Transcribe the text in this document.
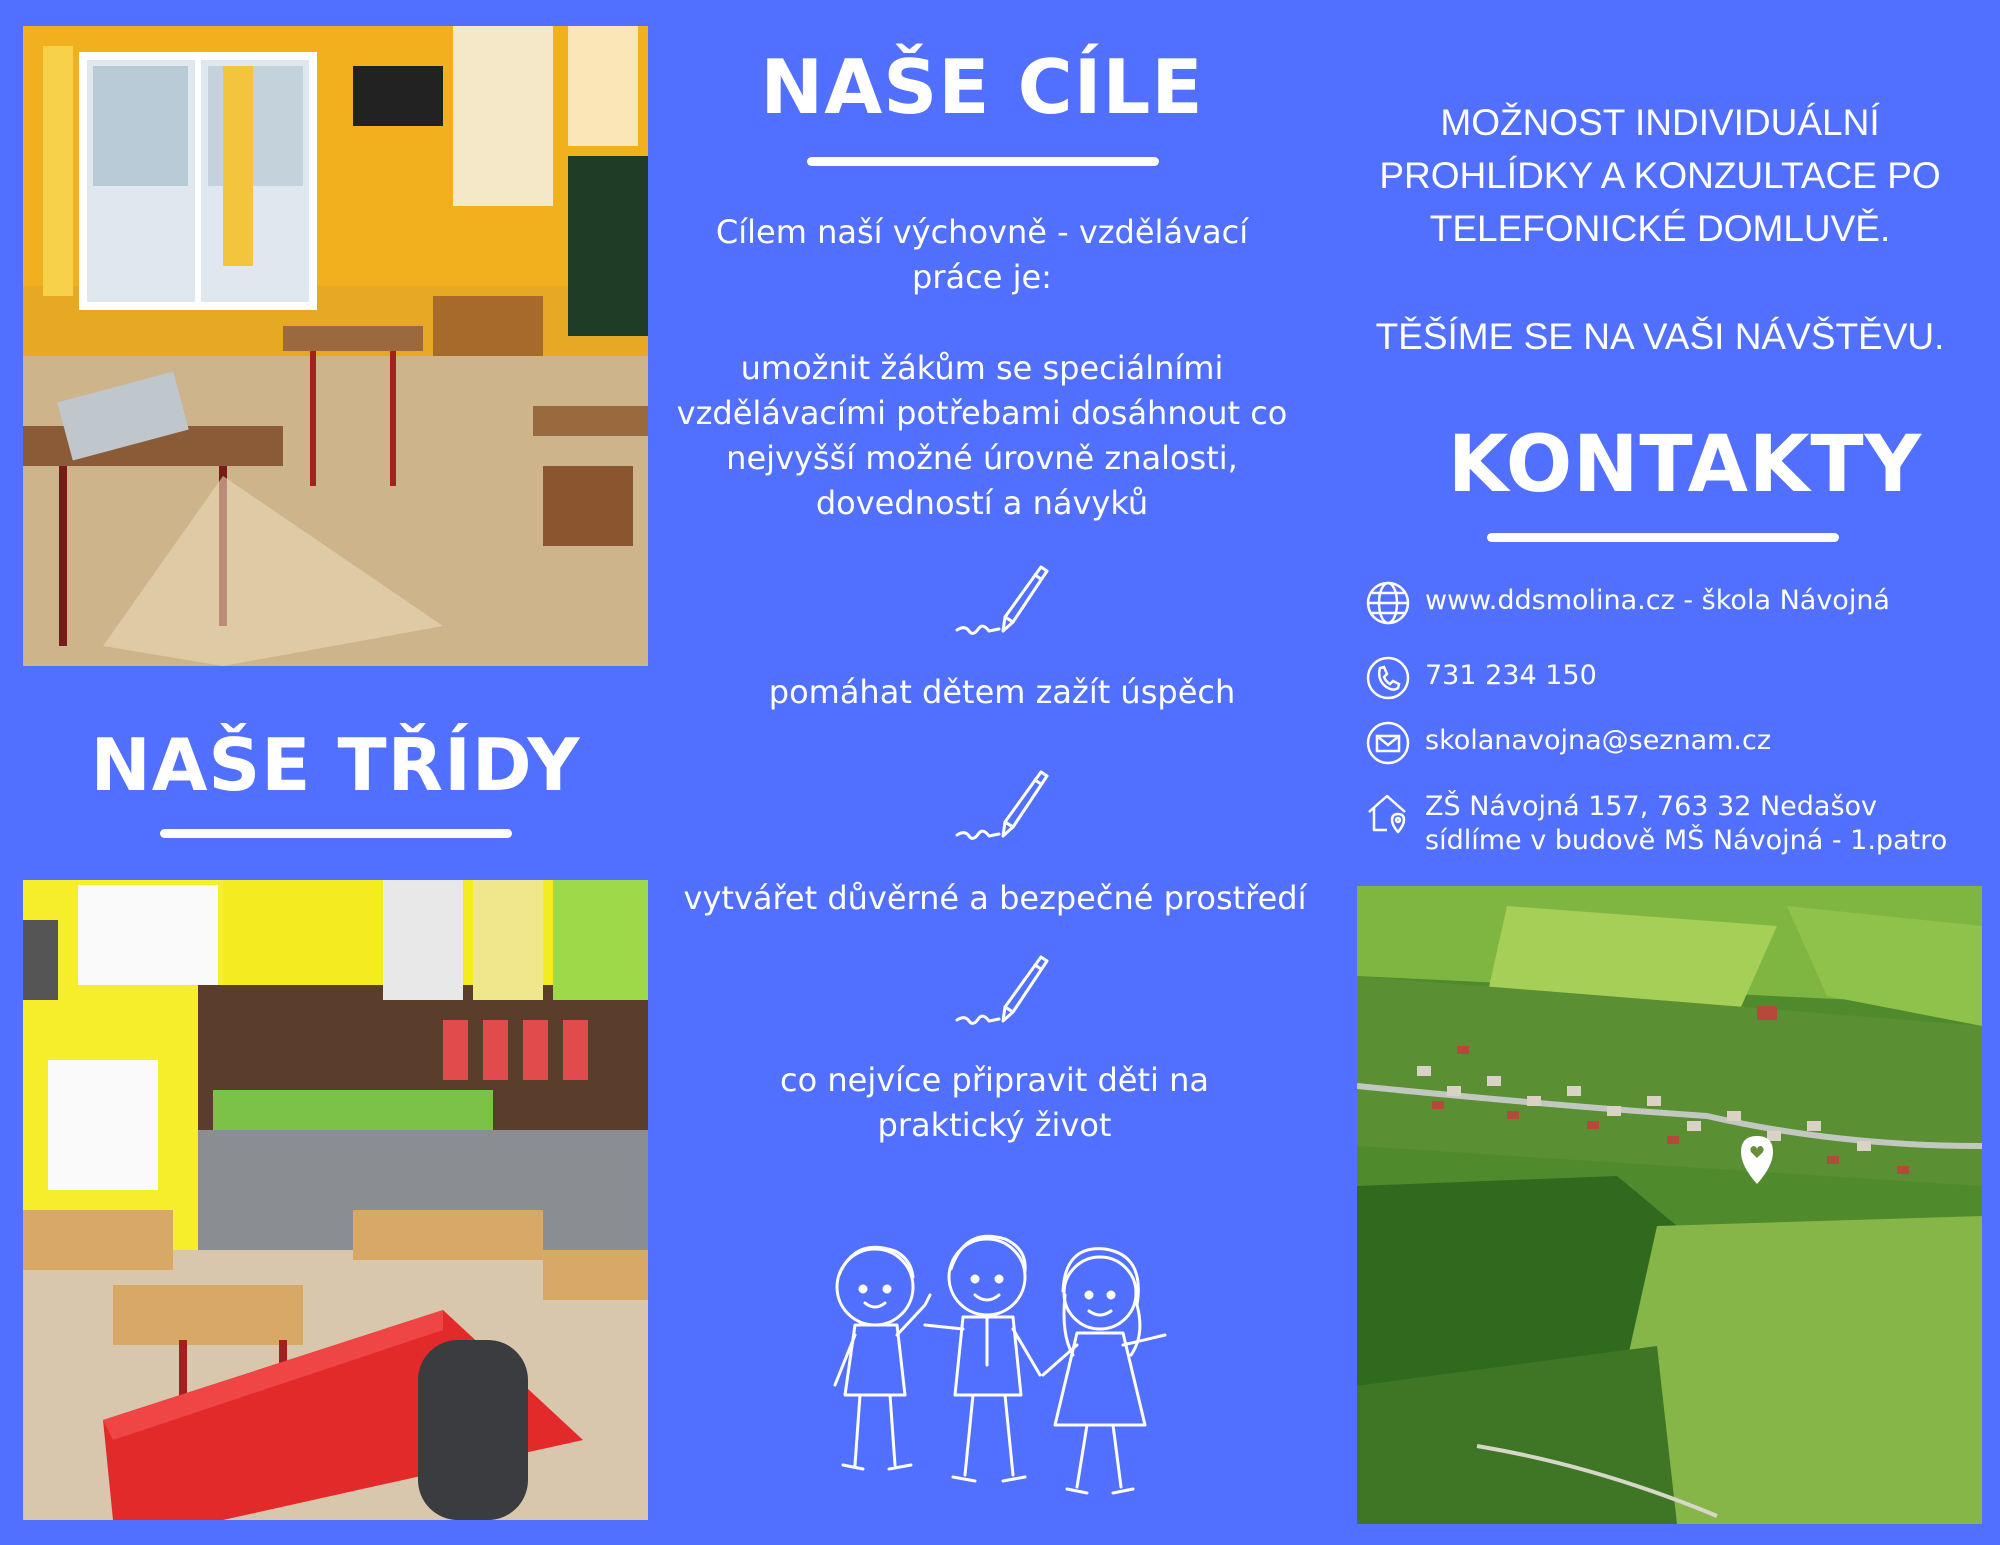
NAŠE TŘÍDY
NAŠE CÍLE
Cílem naší výchovně - vzdělávací
práce je:
umožnit žákům se speciálními
vzdělávacími potřebami dosáhnout co
nejvyšší možné úrovně znalosti,
dovedností a návyků
pomáhat dětem zažít úspěch
vytvářet důvěrné a bezpečné prostředí
co nejvíce připravit děti na
praktický život
MOŽNOST INDIVIDUÁLNÍ
PROHLÍDKY A KONZULTACE PO
TELEFONICKÉ DOMLUVĚ.
TĚŠÍME SE NA VAŠI NÁVŠTĚVU.
KONTAKTY
www.ddsmolina.cz - škola Návojná
731 234 150
skolanavojna@seznam.cz
ZŠ Návojná 157, 763 32 Nedašov
sídlíme v budově MŠ Návojná - 1.patro
